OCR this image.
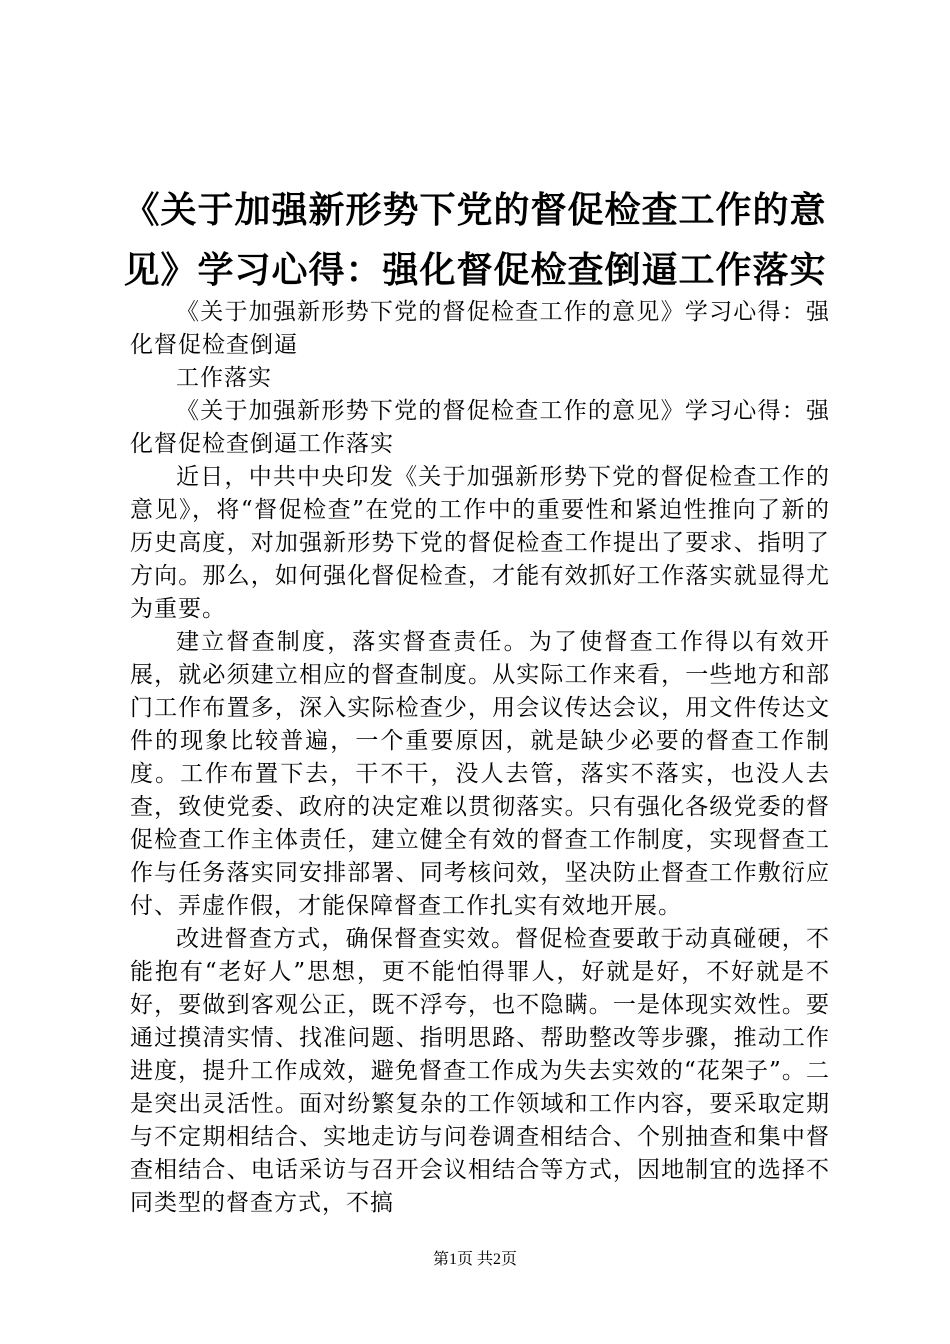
《关于加强新形势下党的督促检查工作的意
见》学习心得：强化督促检查倒逼工作落实

《关于加强新形势下党的督促检查工作的意见》学习心得：强化督促检查倒逼

工作落实

《关于加强新形势下党的督促检查工作的意见》学习心得：强化督促检查倒逼工作落实

近日，中共中央印发《关于加强新形势下党的督促检查工作的意见》，将“督促检查”在党的工作中的重要性和紧迫性推向了新的历史高度，对加强新形势下党的督促检查工作提出了要求、指明了方向。那么，如何强化督促检查，才能有效抓好工作落实就显得尤为重要。

建立督查制度，落实督查责任。为了使督查工作得以有效开展，就必须建立相应的督查制度。从实际工作来看，一些地方和部门工作布置多，深入实际检查少，用会议传达会议，用文件传达文件的现象比较普遍，一个重要原因，就是缺少必要的督查工作制度。工作布置下去，干不干，没人去管，落实不落实，也没人去查，致使党委、政府的决定难以贯彻落实。只有强化各级党委的督促检查工作主体责任，建立健全有效的督查工作制度，实现督查工作与任务落实同安排部署、同考核问效，坚决防止督查工作敷衍应付、弄虚作假，才能保障督查工作扎实有效地开展。

改进督查方式，确保督查实效。督促检查要敢于动真碰硬，不能抱有“老好人”思想，更不能怕得罪人，好就是好，不好就是不好，要做到客观公正，既不浮夸，也不隐瞒。一是体现实效性。要通过摸清实情、找准问题、指明思路、帮助整改等步骤，推动工作进度，提升工作成效，避免督查工作成为失去实效的“花架子”。二是突出灵活性。面对纷繁复杂的工作领域和工作内容，要采取定期与不定期相结合、实地走访与问卷调查相结合、个别抽查和集中督查相结合、电话采访与召开会议相结合等方式，因地制宜的选择不同类型的督查方式，不搞

第1页 共2页
